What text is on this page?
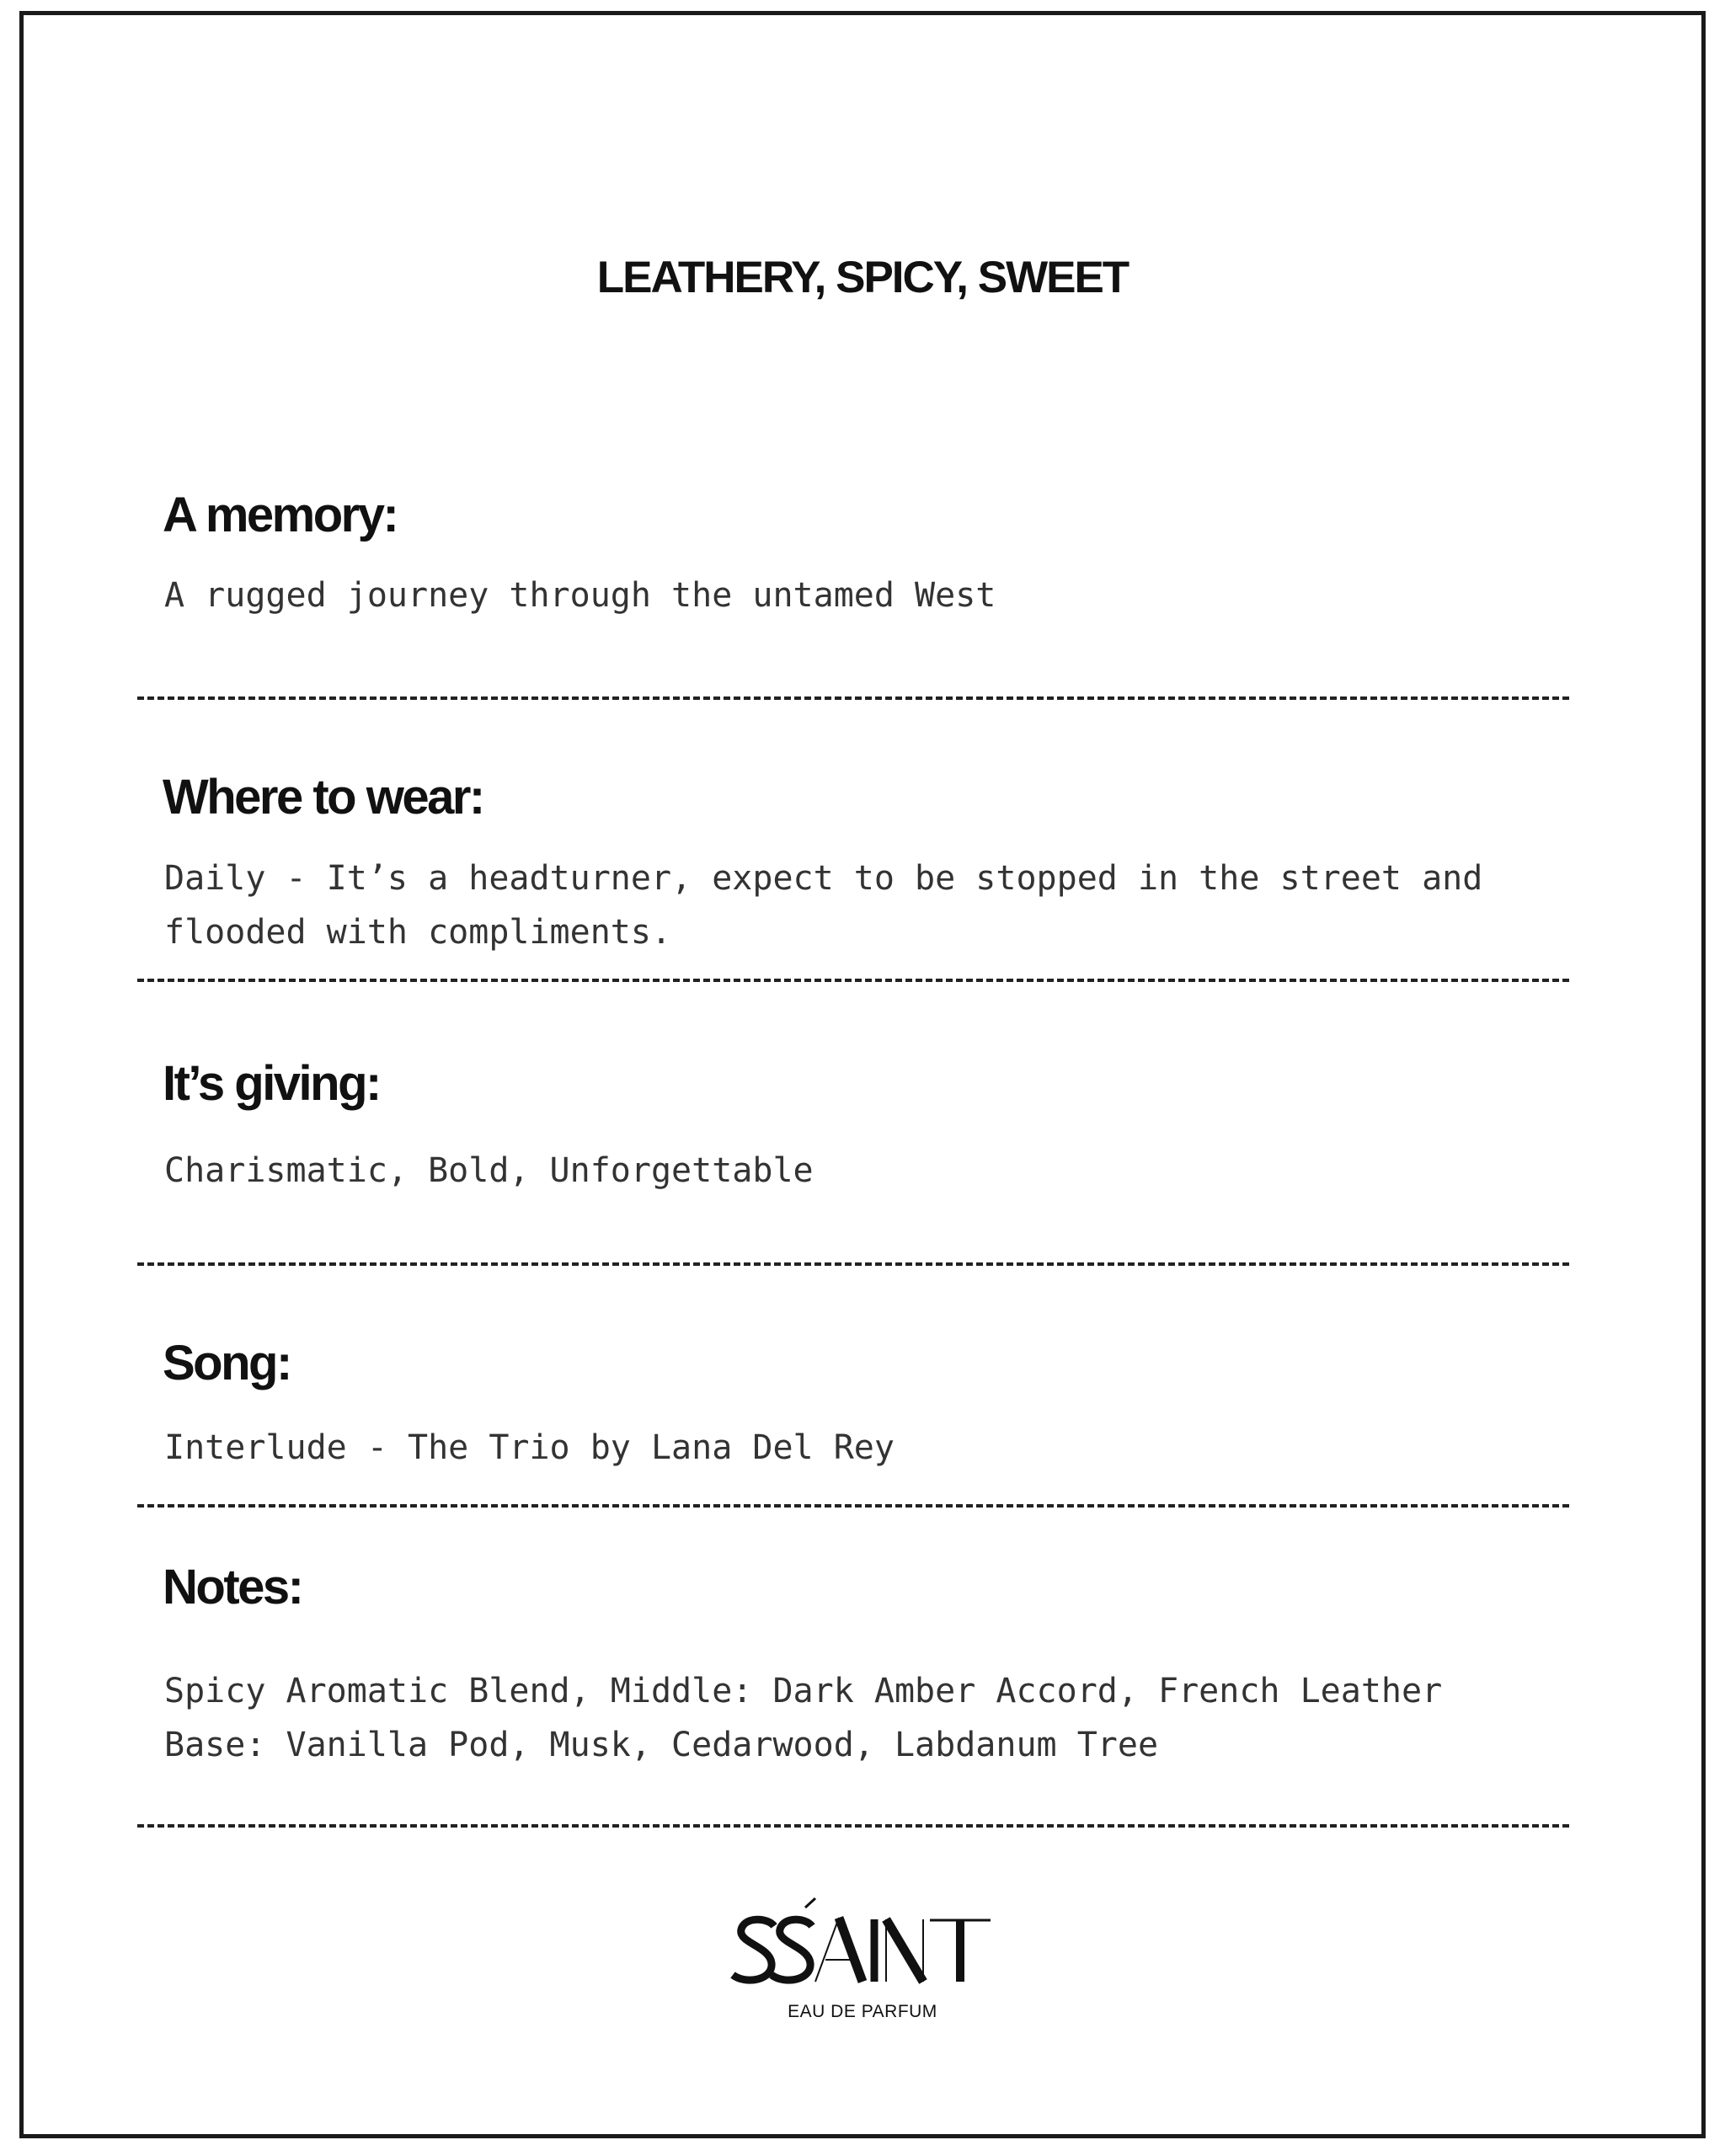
LEATHERY, SPICY, SWEET
A memory:
A rugged journey through the untamed West
Where to wear:
Daily - It’s a headturner, expect to be stopped in the street and
flooded with compliments.
It’s giving:
Charismatic, Bold, Unforgettable
Song:
Interlude - The Trio by Lana Del Rey
Notes:
Spicy Aromatic Blend, Middle: Dark Amber Accord, French Leather
Base: Vanilla Pod, Musk, Cedarwood, Labdanum Tree
EAU DE PARFUM
